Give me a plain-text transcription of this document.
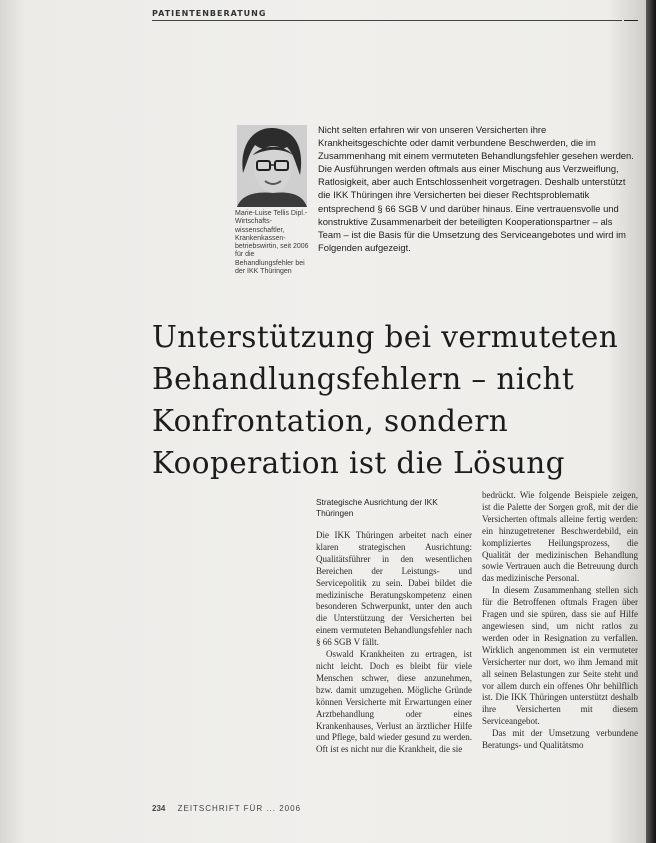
PATIENTENBERATUNG
Marie-Luise Tellis Dipl.-Wirtschafts-wissenschaftler, Krankenkassen-betriebswirtin, seit 2006 für die Behandlungsfehler bei der IKK Thüringen
Nicht selten erfahren wir von unseren Versicherten ihre Krankheitsgeschichte oder damit verbundene Beschwerden, die im Zusammenhang mit einem vermuteten Behandlungsfehler gesehen werden. Die Ausführungen werden oftmals aus einer Mischung aus Verzweiflung, Ratlosigkeit, aber auch Entschlossenheit vorgetragen. Deshalb unterstützt die IKK Thüringen ihre Versicherten bei dieser Rechtsproblematik entsprechend § 66 SGB V und darüber hinaus. Eine vertrauensvolle und konstruktive Zusammenarbeit der beteiligten Kooperationspartner – als Team – ist die Basis für die Umsetzung des Serviceangebotes und wird im Folgenden aufgezeigt.
Unterstützung bei vermuteten
Behandlungsfehlern – nicht
Konfrontation, sondern
Kooperation ist die Lösung
Strategische Ausrichtung der IKK Thüringen

Die IKK Thüringen arbeitet nach einer klaren strategischen Ausrichtung: Qualitätsführer in den wesentlichen Bereichen der Leistungs- und Servicepolitik zu sein. Dabei bildet die medizinische Beratungskompetenz einen besonderen Schwerpunkt, unter den auch die Unterstützung der Versicherten bei einem vermuteten Behandlungsfehler nach § 66 SGB V fällt.

Oswald Krankheiten zu ertragen, ist nicht leicht. Doch es bleibt für viele Menschen schwer, diese anzunehmen, bzw. damit umzugehen. Mögliche Gründe können Versicherte mit Erwartungen einer Arztbehandlung oder eines Krankenhauses, Verlust an ärztlicher Hilfe und Pflege, bald wieder gesund zu werden. Oft ist es nicht nur die Krankheit, die sie

bedrückt. Wie folgende Beispiele zeigen, ist die Palette der Sorgen groß, mit der die Versicherten oftmals alleine fertig werden: ein hinzugetretener Beschwerdebild, ein kompliziertes Heilungsprozess, die Qualität der medizinischen Behandlung sowie Vertrauen auch die Betreuung durch das medizinische Personal.

In diesem Zusammenhang stellen sich für die Betroffenen oftmals Fragen über Fragen und sie spüren, dass sie auf Hilfe angewiesen sind, um nicht ratlos zu werden oder in Resignation zu verfallen. Wirklich angenommen ist ein vermuteter Versicherter nur dort, wo ihm Jemand mit all seinen Belastungen zur Seite steht und vor allem durch ein offenes Ohr behilflich ist. Die IKK Thüringen unterstützt deshalb ihre Versicherten mit diesem Serviceangebot.

Das mit der Umsetzung verbundene Beratungs- und Qualitätsmo

234 ZEITSCHRIFT FÜR ... 2006
